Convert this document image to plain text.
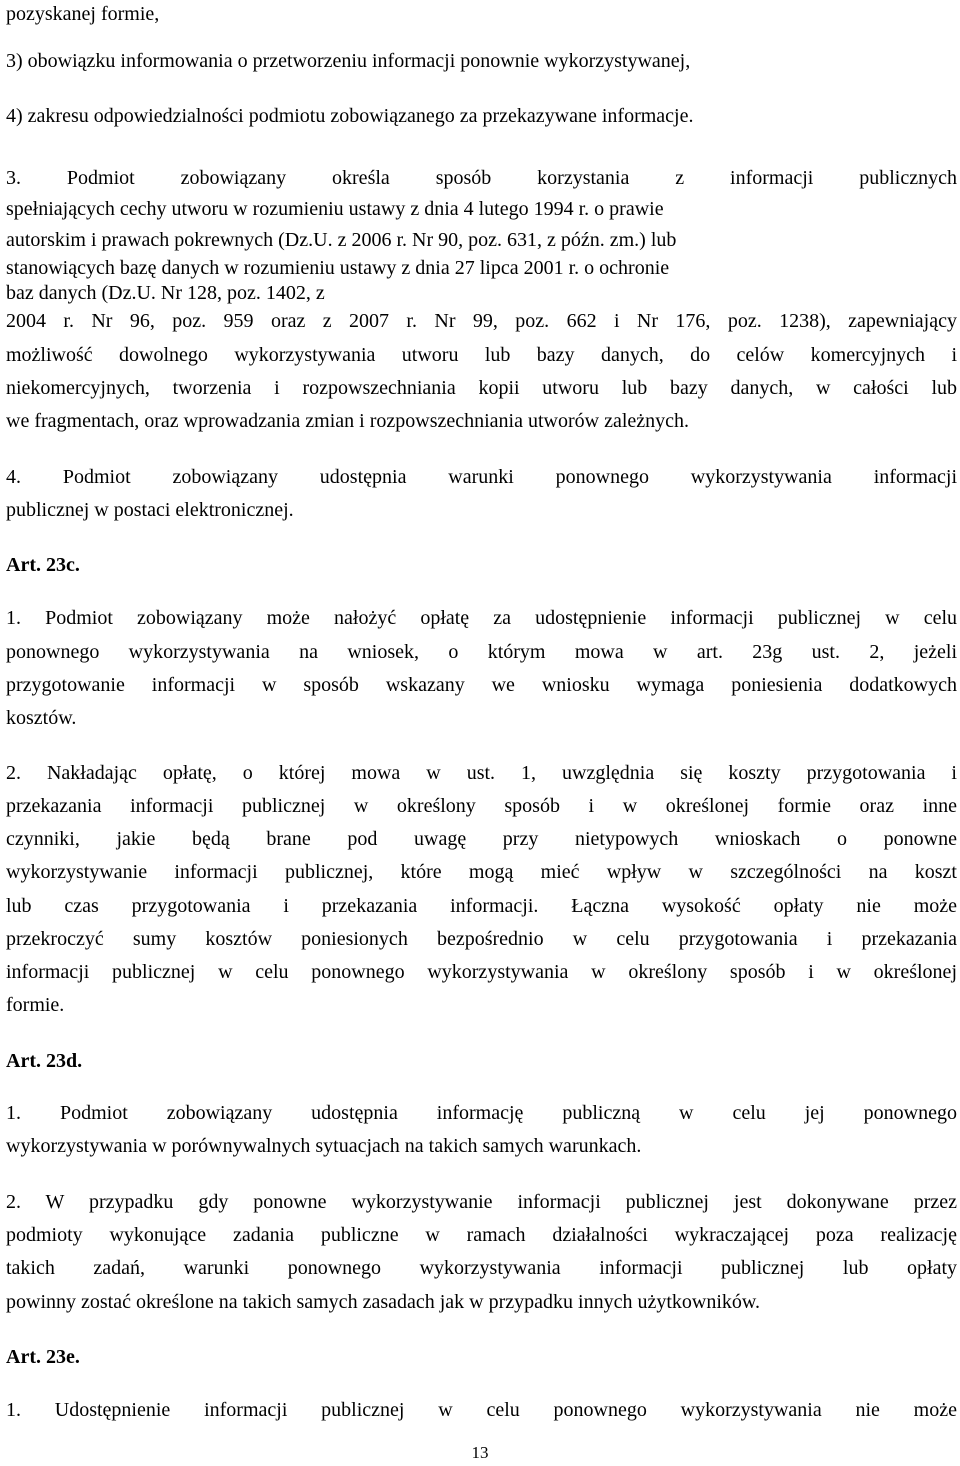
pozyskanej formie,
3) obowiązku informowania o przetworzeniu informacji ponownie wykorzystywanej,
4) zakresu odpowiedzialności podmiotu zobowiązanego za przekazywane informacje.
3. Podmiot zobowiązany określa sposób korzystania z informacji publicznych
spełniających cechy utworu w rozumieniu ustawy z dnia 4 lutego 1994 r. o prawie
autorskim i prawach pokrewnych (Dz.U. z 2006 r. Nr 90, poz. 631, z późn. zm.) lub
stanowiących bazę danych w rozumieniu ustawy z dnia 27 lipca 2001 r. o ochronie
baz danych (Dz.U. Nr 128, poz. 1402, z
2004 r. Nr 96, poz. 959 oraz z 2007 r. Nr 99, poz. 662 i Nr 176, poz. 1238), zapewniający
możliwość dowolnego wykorzystywania utworu lub bazy danych, do celów komercyjnych i
niekomercyjnych, tworzenia i rozpowszechniania kopii utworu lub bazy danych, w całości lub
we fragmentach, oraz wprowadzania zmian i rozpowszechniania utworów zależnych.
4. Podmiot zobowiązany udostępnia warunki ponownego wykorzystywania informacji
publicznej w postaci elektronicznej.
Art. 23c.
1. Podmiot zobowiązany może nałożyć opłatę za udostępnienie informacji publicznej w celu
ponownego wykorzystywania na wniosek, o którym mowa w art. 23g ust. 2, jeżeli
przygotowanie informacji w sposób wskazany we wniosku wymaga poniesienia dodatkowych
kosztów.
2. Nakładając opłatę, o której mowa w ust. 1, uwzględnia się koszty przygotowania i
przekazania informacji publicznej w określony sposób i w określonej formie oraz inne
czynniki, jakie będą brane pod uwagę przy nietypowych wnioskach o ponowne
wykorzystywanie informacji publicznej, które mogą mieć wpływ w szczególności na koszt
lub czas przygotowania i przekazania informacji. Łączna wysokość opłaty nie może
przekroczyć sumy kosztów poniesionych bezpośrednio w celu przygotowania i przekazania
informacji publicznej w celu ponownego wykorzystywania w określony sposób i w określonej
formie.
Art. 23d.
1. Podmiot zobowiązany udostępnia informację publiczną w celu jej ponownego
wykorzystywania w porównywalnych sytuacjach na takich samych warunkach.
2. W przypadku gdy ponowne wykorzystywanie informacji publicznej jest dokonywane przez
podmioty wykonujące zadania publiczne w ramach działalności wykraczającej poza realizację
takich zadań, warunki ponownego wykorzystywania informacji publicznej lub opłaty
powinny zostać określone na takich samych zasadach jak w przypadku innych użytkowników.
Art. 23e.
1. Udostępnienie informacji publicznej w celu ponownego wykorzystywania nie może
13
